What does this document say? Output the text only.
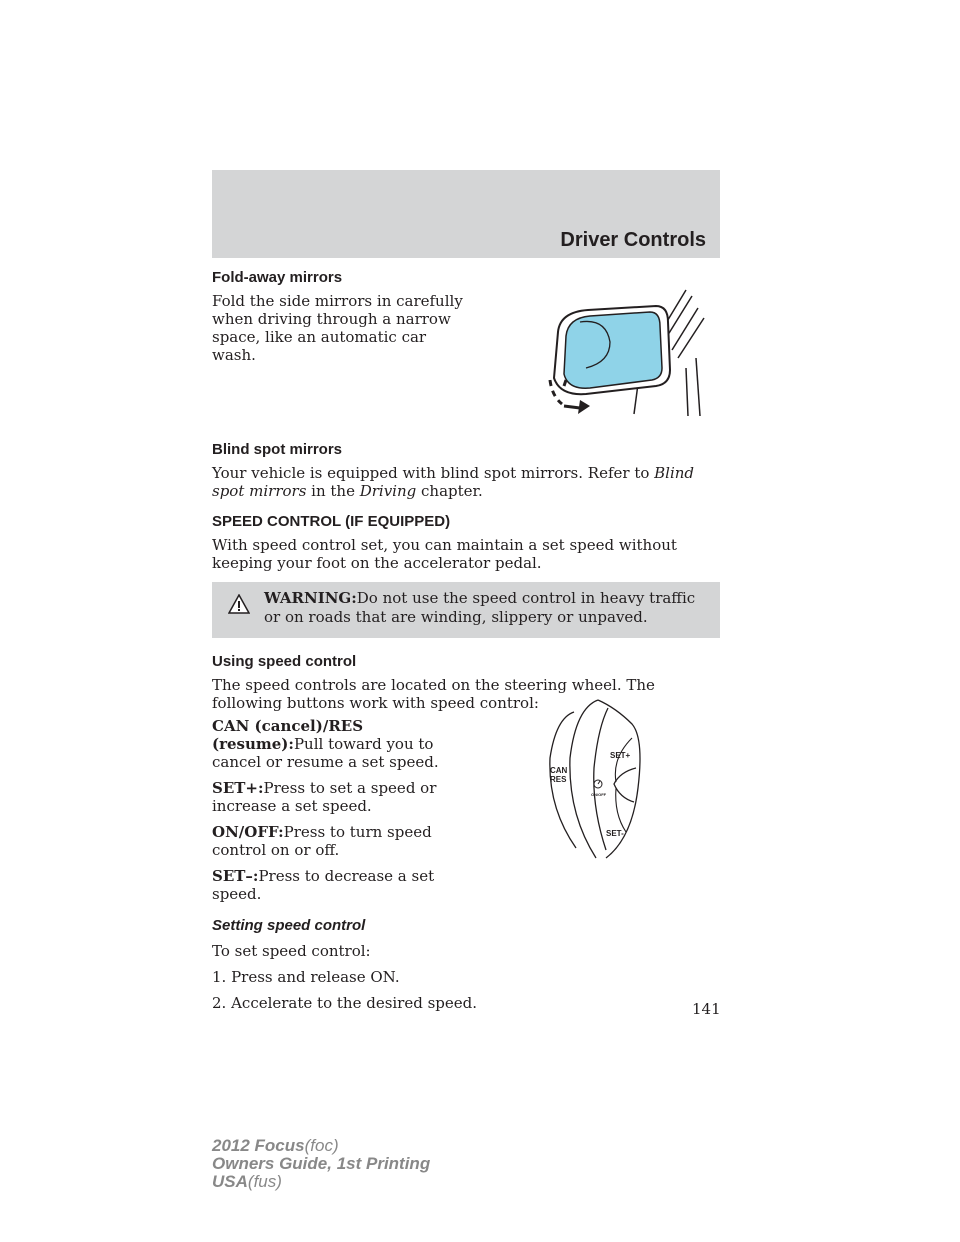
Driver Controls
Fold-away mirrors

Fold the side mirrors in carefully when driving through a narrow space, like an automatic car wash.

Blind spot mirrors

Your vehicle is equipped with blind spot mirrors. Refer to Blind spot mirrors in the Driving chapter.

SPEED CONTROL (IF EQUIPPED)

With speed control set, you can maintain a set speed without keeping your foot on the accelerator pedal.

WARNING:Do not use the speed control in heavy traffic or on roads that are winding, slippery or unpaved.
Using speed control

The speed controls are located on the steering wheel. The following buttons work with speed control:

CAN
RES
SET+
ON/OFF
SET-

CAN (cancel)/RES (resume):Pull toward you to cancel or resume a set speed.

SET+:Press to set a speed or increase a set speed.

ON/OFF:Press to turn speed control on or off.

SET–:Press to decrease a set speed.

Setting speed control

To set speed control:

1. Press and release ON.

2. Accelerate to the desired speed.	141
2012 Focus(foc)
Owners Guide, 1st Printing
USA(fus)
